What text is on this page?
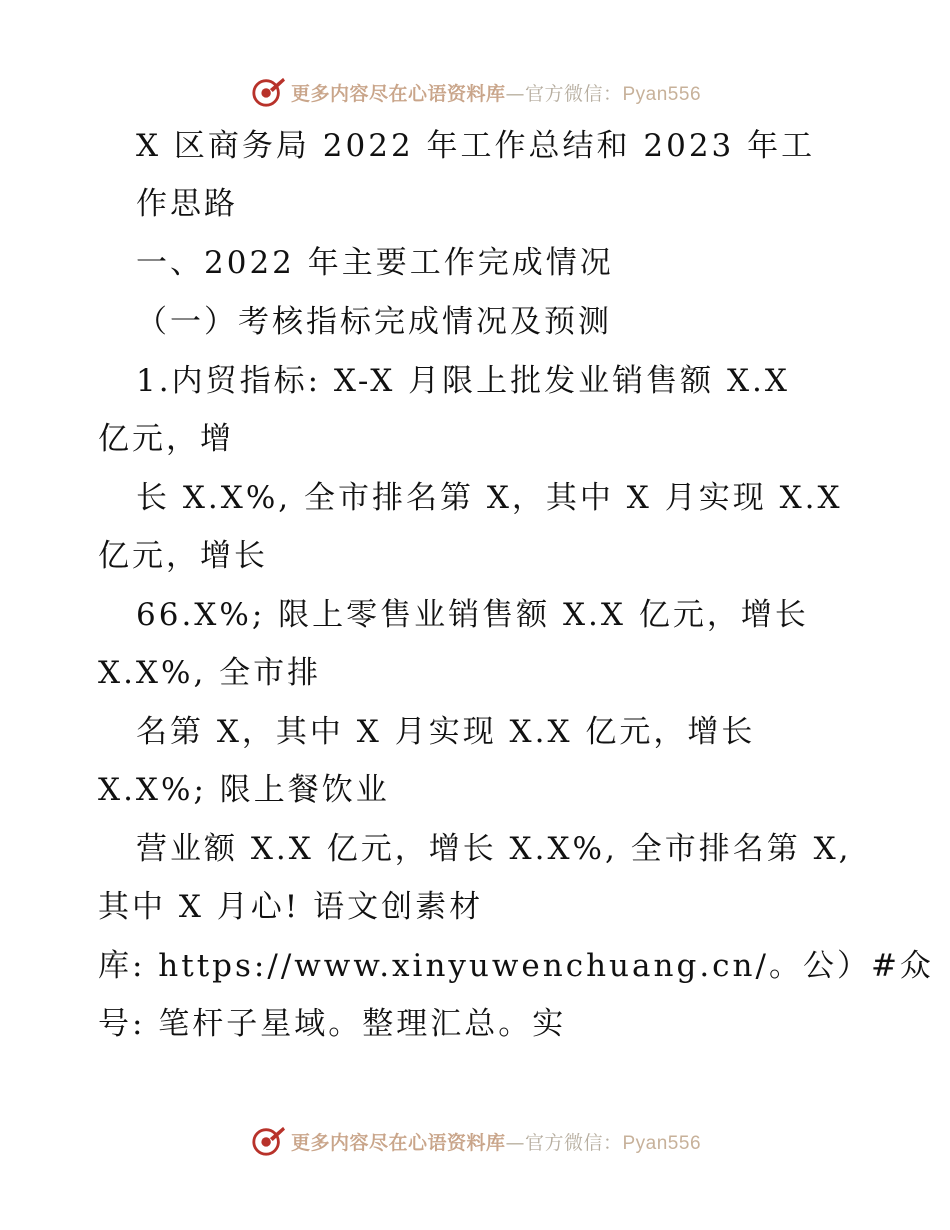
更多内容尽在心语资料库—官方微信：Pyan556
X 区商务局 2022 年工作总结和 2023 年工
作思路
一、2022 年主要工作完成情况
（一）考核指标完成情况及预测
1.内贸指标: X-X 月限上批发业销售额 X.X
亿元，增
长 X.X%, 全市排名第 X，其中 X 月实现 X.X
亿元，增长
66.X%; 限上零售业销售额 X.X 亿元，增长
X.X%, 全市排
名第 X，其中 X 月实现 X.X 亿元，增长
X.X%; 限上餐饮业
营业额 X.X 亿元，增长 X.X%, 全市排名第 X,
其中 X 月心! 语文创素材
库: https://www.xinyuwenchuang.cn/。公）#众
号: 笔杆子星域。整理汇总。实
更多内容尽在心语资料库—官方微信：Pyan556
